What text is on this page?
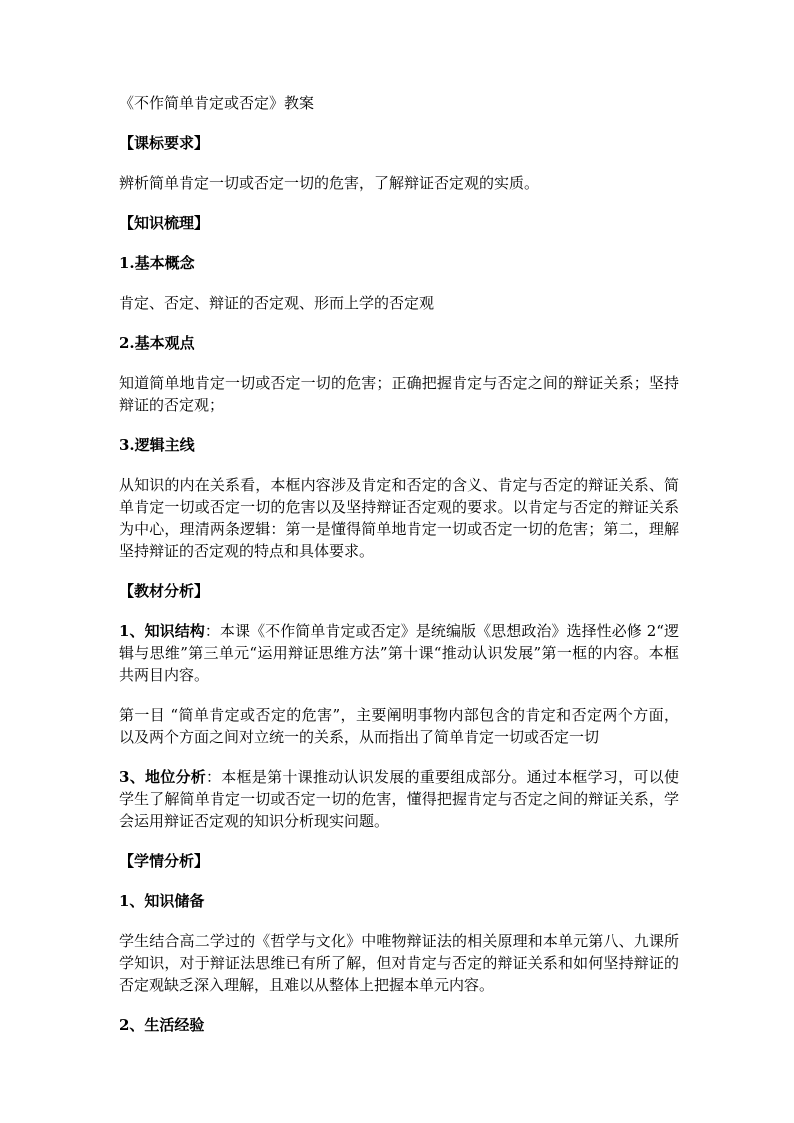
《不作简单肯定或否定》教案

【课标要求】

辨析简单肯定一切或否定一切的危害，了解辩证否定观的实质。

【知识梳理】

1.基本概念

肯定、否定、辩证的否定观、形而上学的否定观

2.基本观点

知道简单地肯定一切或否定一切的危害；正确把握肯定与否定之间的辩证关系；坚持辩证的否定观；

3.逻辑主线

从知识的内在关系看，本框内容涉及肯定和否定的含义、肯定与否定的辩证关系、简单肯定一切或否定一切的危害以及坚持辩证否定观的要求。以肯定与否定的辩证关系为中心，理清两条逻辑：第一是懂得简单地肯定一切或否定一切的危害；第二，理解坚持辩证的否定观的特点和具体要求。

【教材分析】

1、知识结构：本课《不作简单肯定或否定》是统编版《思想政治》选择性必修 2“逻辑与思维”第三单元“运用辩证思维方法”第十课“推动认识发展”第一框的内容。本框共两目内容。

第一目 “简单肯定或否定的危害”，主要阐明事物内部包含的肯定和否定两个方面，以及两个方面之间对立统一的关系，从而指出了简单肯定一切或否定一切

3、地位分析：本框是第十课推动认识发展的重要组成部分。通过本框学习，可以使学生了解简单肯定一切或否定一切的危害，懂得把握肯定与否定之间的辩证关系，学会运用辩证否定观的知识分析现实问题。

【学情分析】

1、知识储备

学生结合高二学过的《哲学与文化》中唯物辩证法的相关原理和本单元第八、九课所学知识，对于辩证法思维已有所了解，但对肯定与否定的辩证关系和如何坚持辩证的否定观缺乏深入理解，且难以从整体上把握本单元内容。

2、生活经验
